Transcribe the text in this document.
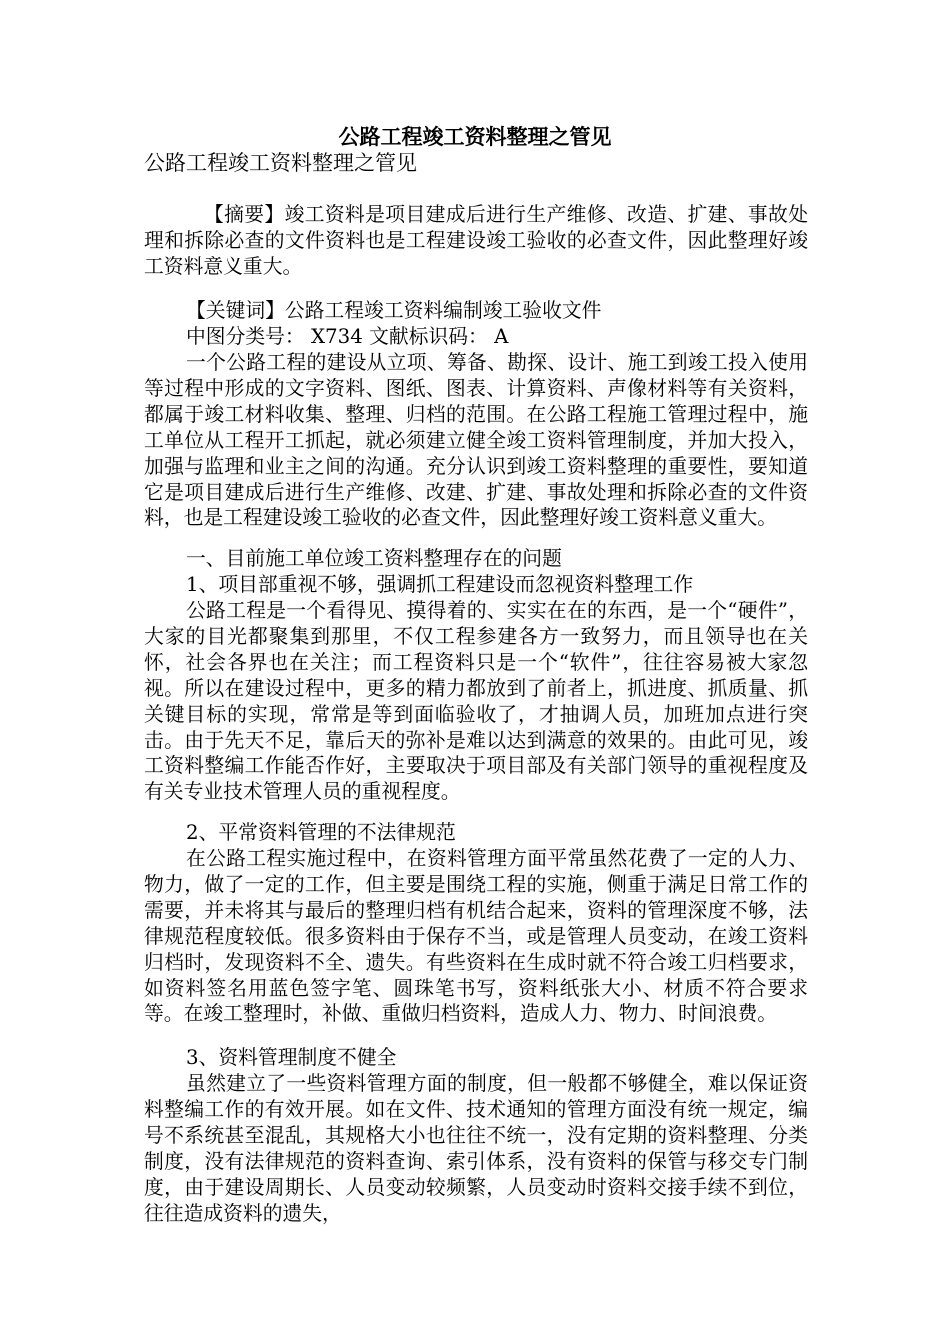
公路工程竣工资料整理之管见
公路工程竣工资料整理之管见

【摘要】竣工资料是项目建成后进行生产维修、改造、扩建、事故处理和拆除必查的文件资料也是工程建设竣工验收的必查文件，因此整理好竣工资料意义重大。

【关键词】公路工程竣工资料编制竣工验收文件

中图分类号： X734 文献标识码： A

一个公路工程的建设从立项、筹备、勘探、设计、施工到竣工投入使用等过程中形成的文字资料、图纸、图表、计算资料、声像材料等有关资料，都属于竣工材料收集、整理、归档的范围。在公路工程施工管理过程中，施工单位从工程开工抓起，就必须建立健全竣工资料管理制度，并加大投入，加强与监理和业主之间的沟通。充分认识到竣工资料整理的重要性，要知道它是项目建成后进行生产维修、改建、扩建、事故处理和拆除必查的文件资料，也是工程建设竣工验收的必查文件，因此整理好竣工资料意义重大。

一、目前施工单位竣工资料整理存在的问题

1、项目部重视不够，强调抓工程建设而忽视资料整理工作

公路工程是一个看得见、摸得着的、实实在在的东西，是一个“硬件”，大家的目光都聚集到那里，不仅工程参建各方一致努力，而且领导也在关怀，社会各界也在关注；而工程资料只是一个“软件”，往往容易被大家忽视。所以在建设过程中，更多的精力都放到了前者上，抓进度、抓质量、抓关键目标的实现，常常是等到面临验收了，才抽调人员，加班加点进行突击。由于先天不足，靠后天的弥补是难以达到满意的效果的。由此可见，竣工资料整编工作能否作好，主要取决于项目部及有关部门领导的重视程度及有关专业技术管理人员的重视程度。

2、平常资料管理的不法律规范

在公路工程实施过程中，在资料管理方面平常虽然花费了一定的人力、物力，做了一定的工作，但主要是围绕工程的实施，侧重于满足日常工作的需要，并未将其与最后的整理归档有机结合起来，资料的管理深度不够，法律规范程度较低。很多资料由于保存不当，或是管理人员变动，在竣工资料归档时，发现资料不全、遗失。有些资料在生成时就不符合竣工归档要求，如资料签名用蓝色签字笔、圆珠笔书写，资料纸张大小、材质不符合要求等。在竣工整理时，补做、重做归档资料，造成人力、物力、时间浪费。

3、资料管理制度不健全

虽然建立了一些资料管理方面的制度，但一般都不够健全，难以保证资料整编工作的有效开展。如在文件、技术通知的管理方面没有统一规定，编号不系统甚至混乱，其规格大小也往往不统一，没有定期的资料整理、分类制度，没有法律规范的资料查询、索引体系，没有资料的保管与移交专门制度，由于建设周期长、人员变动较频繁，人员变动时资料交接手续不到位，往往造成资料的遗失，
